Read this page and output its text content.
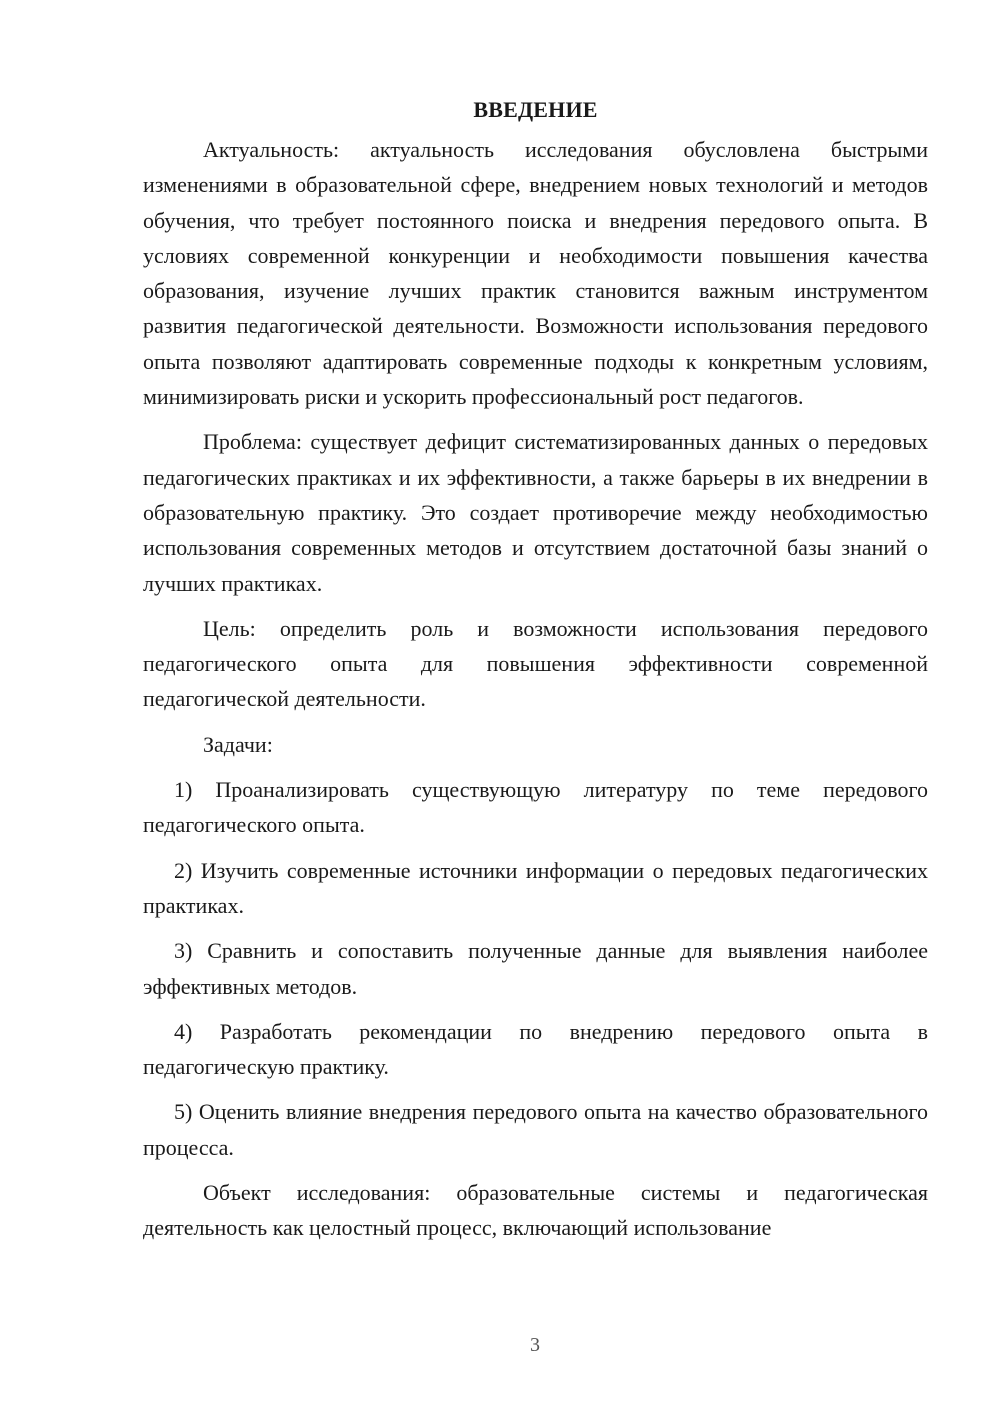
ВВЕДЕНИЕ

Актуальность: актуальность исследования обусловлена быстрыми изменениями в образовательной сфере, внедрением новых технологий и методов обучения, что требует постоянного поиска и внедрения передового опыта. В условиях современной конкуренции и необходимости повышения качества образования, изучение лучших практик становится важным инструментом развития педагогической деятельности. Возможности использования передового опыта позволяют адаптировать современные подходы к конкретным условиям, минимизировать риски и ускорить профессиональный рост педагогов.

Проблема: существует дефицит систематизированных данных о передовых педагогических практиках и их эффективности, а также барьеры в их внедрении в образовательную практику. Это создает противоречие между необходимостью использования современных методов и отсутствием достаточной базы знаний о лучших практиках.

Цель: определить роль и возможности использования передового педагогического опыта для повышения эффективности современной педагогической деятельности.

Задачи:

1) Проанализировать существующую литературу по теме передового педагогического опыта.

2) Изучить современные источники информации о передовых педагогических практиках.

3) Сравнить и сопоставить полученные данные для выявления наиболее эффективных методов.

4) Разработать рекомендации по внедрению передового опыта в педагогическую практику.

5) Оценить влияние внедрения передового опыта на качество образовательного процесса.

Объект исследования: образовательные системы и педагогическая деятельность как целостный процесс, включающий использование

3
